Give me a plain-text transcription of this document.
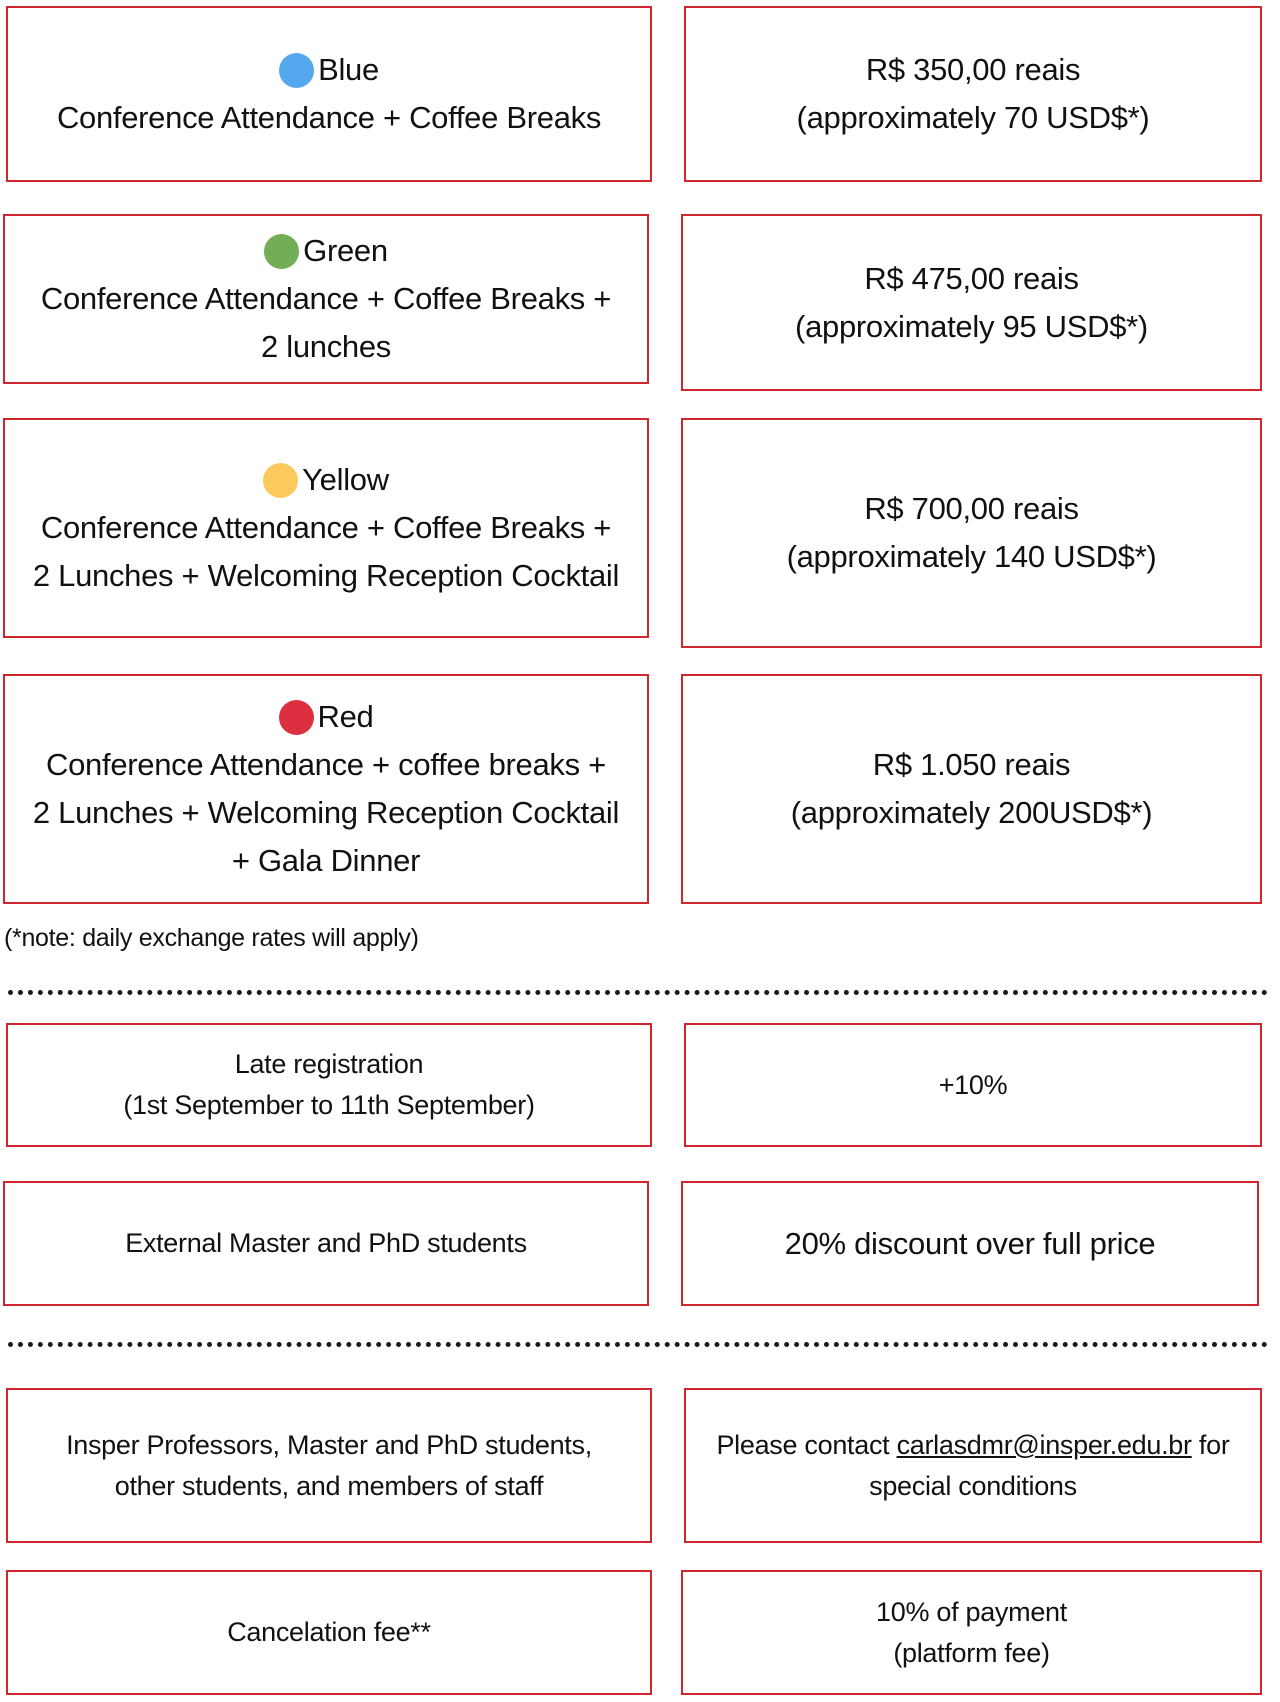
Blue
Conference Attendance + Coffee Breaks
R$ 350,00 reais
(approximately 70 USD$*)
Green
Conference Attendance + Coffee Breaks +
2 lunches
R$ 475,00 reais
(approximately 95 USD$*)
Yellow
Conference Attendance + Coffee Breaks +
2 Lunches + Welcoming Reception Cocktail
R$ 700,00 reais
(approximately 140 USD$*)
Red
Conference Attendance + coffee breaks +
2 Lunches + Welcoming Reception Cocktail
+ Gala Dinner
R$ 1.050 reais
(approximately 200USD$*)
(*note: daily exchange rates will apply)
Late registration
(1st September to 11th September)
+10%
External Master and PhD students	20% discount over full price
Insper Professors, Master and PhD students,
other students, and members of staff
Please contact carlasdmr@insper.edu.br for
special conditions
Cancelation fee**
10% of payment
(platform fee)
